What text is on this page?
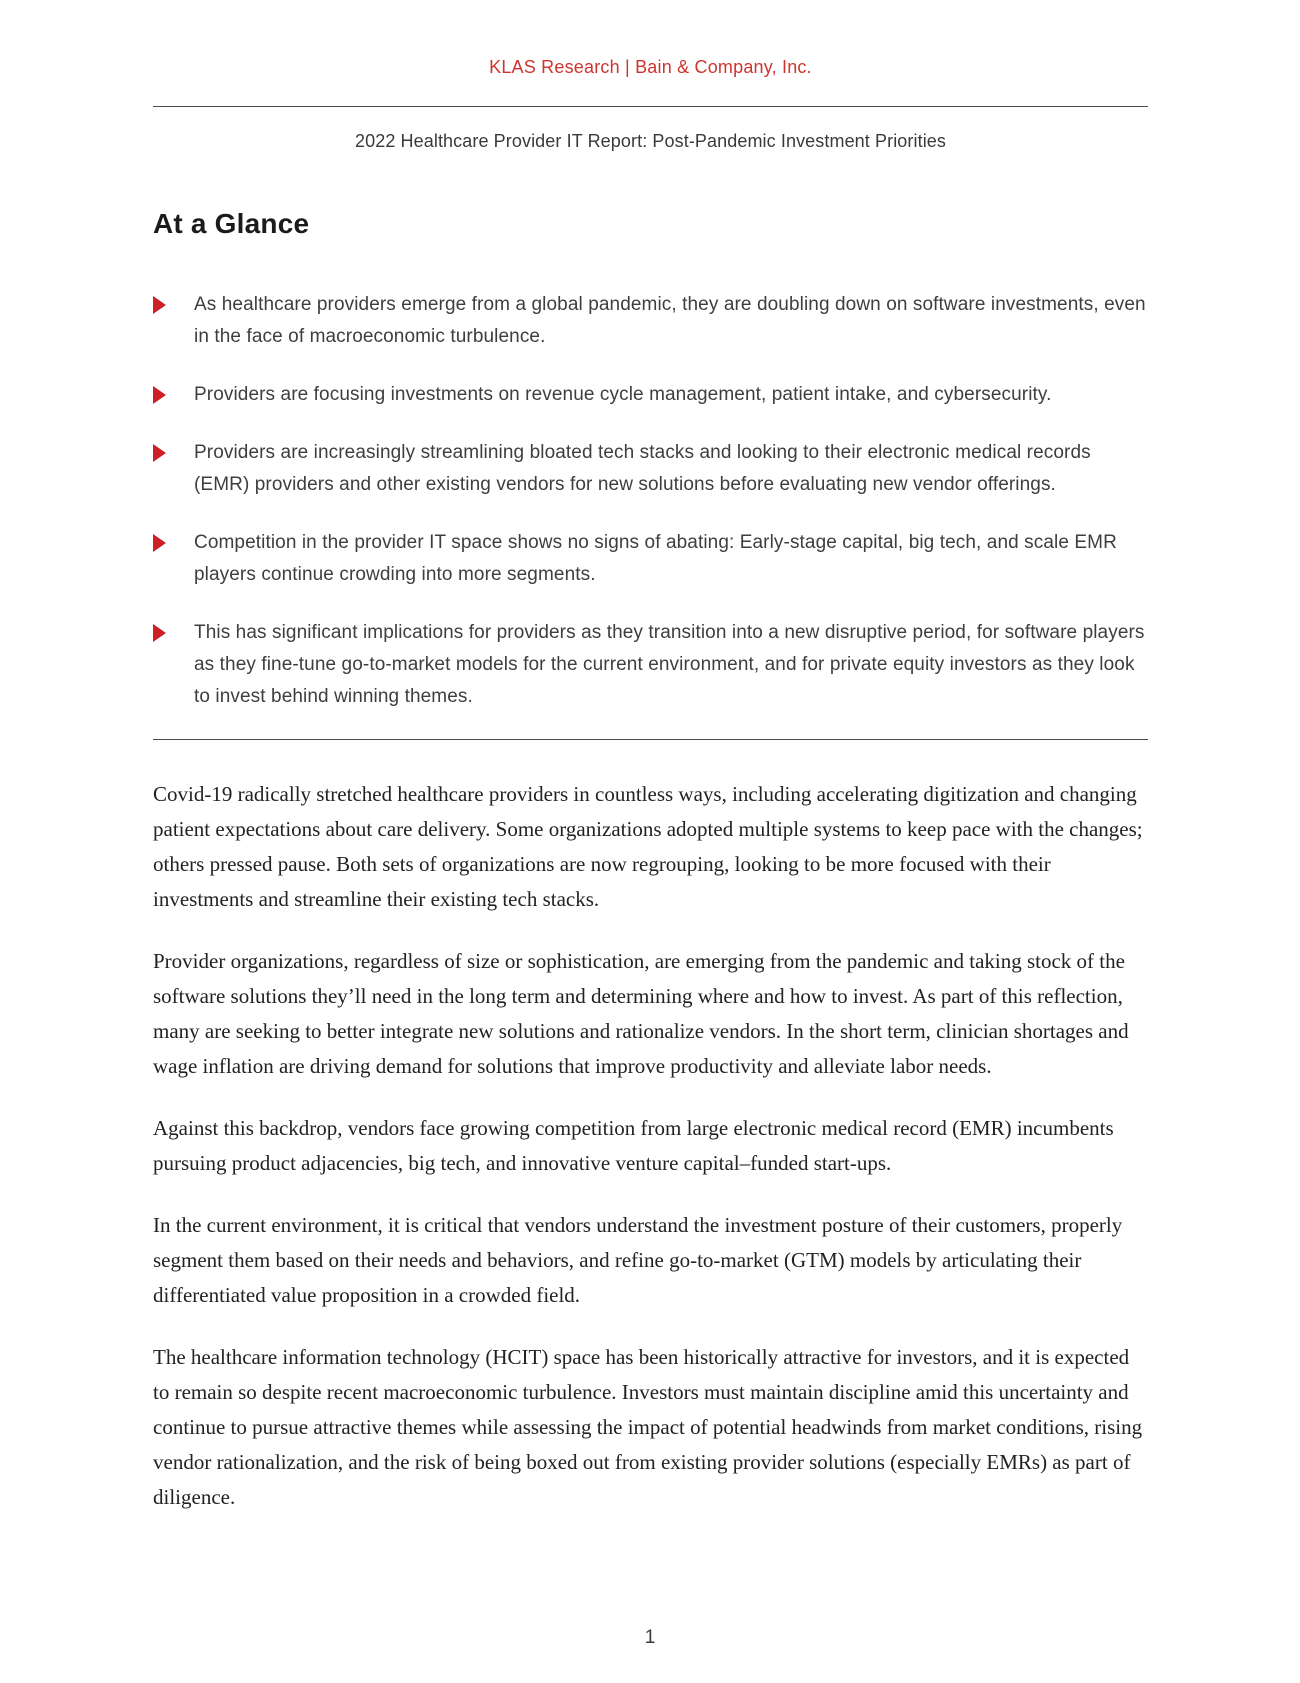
KLAS Research | Bain & Company, Inc.
2022 Healthcare Provider IT Report: Post-Pandemic Investment Priorities
At a Glance
As healthcare providers emerge from a global pandemic, they are doubling down on software investments, even in the face of macroeconomic turbulence.
Providers are focusing investments on revenue cycle management, patient intake, and cybersecurity.
Providers are increasingly streamlining bloated tech stacks and looking to their electronic medical records (EMR) providers and other existing vendors for new solutions before evaluating new vendor offerings.
Competition in the provider IT space shows no signs of abating: Early-stage capital, big tech, and scale EMR players continue crowding into more segments.
This has significant implications for providers as they transition into a new disruptive period, for software players as they fine-tune go-to-market models for the current environment, and for private equity investors as they look to invest behind winning themes.

Covid-19 radically stretched healthcare providers in countless ways, including accelerating digitization and changing patient expectations about care delivery. Some organizations adopted multiple systems to keep pace with the changes; others pressed pause. Both sets of organizations are now regrouping, looking to be more focused with their investments and streamline their existing tech stacks.

Provider organizations, regardless of size or sophistication, are emerging from the pandemic and taking stock of the software solutions they’ll need in the long term and determining where and how to invest. As part of this reflection, many are seeking to better integrate new solutions and rationalize vendors. In the short term, clinician shortages and wage inflation are driving demand for solutions that improve productivity and alleviate labor needs.

Against this backdrop, vendors face growing competition from large electronic medical record (EMR) incumbents pursuing product adjacencies, big tech, and innovative venture capital–funded start-ups.

In the current environment, it is critical that vendors understand the investment posture of their customers, properly segment them based on their needs and behaviors, and refine go-to-market (GTM) models by articulating their differentiated value proposition in a crowded field.

The healthcare information technology (HCIT) space has been historically attractive for investors, and it is expected to remain so despite recent macroeconomic turbulence. Investors must maintain discipline amid this uncertainty and continue to pursue attractive themes while assessing the impact of potential headwinds from market conditions, rising vendor rationalization, and the risk of being boxed out from existing provider solutions (especially EMRs) as part of diligence.

1
